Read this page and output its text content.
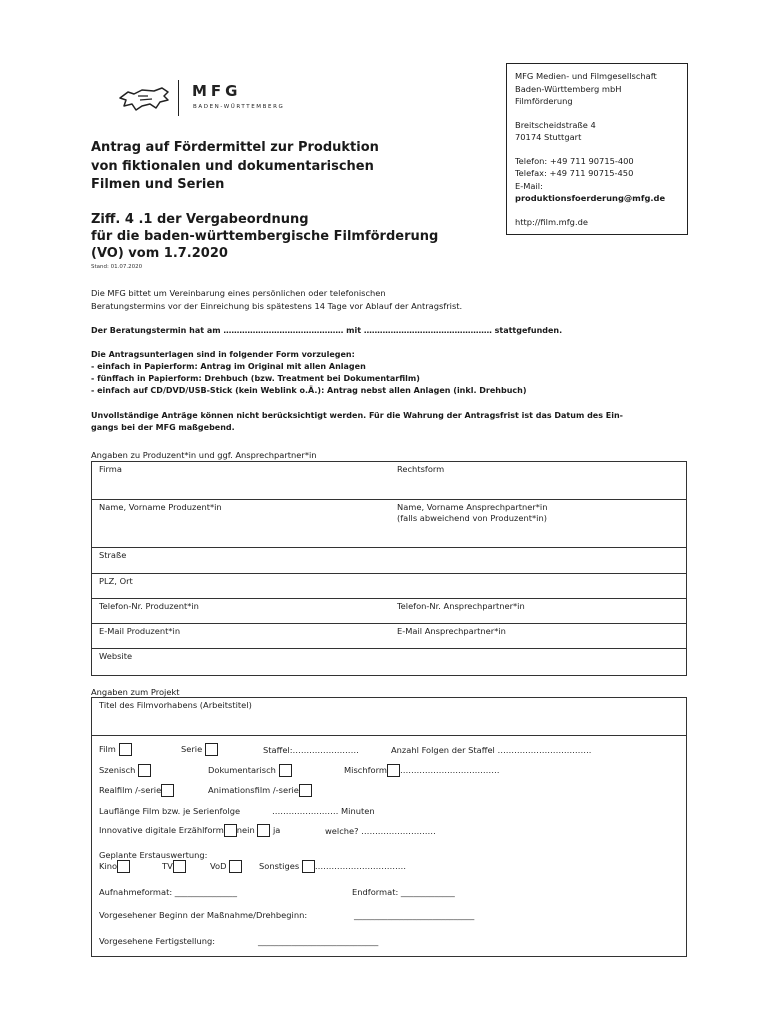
MFG
BADEN-WÜRTTEMBERG
MFG Medien- und Filmgesellschaft
Baden-Württemberg mbH
Filmförderung
Breitscheidstraße 4
70174 Stuttgart
Telefon: +49 711 90715-400
Telefax: +49 711 90715-450
E-Mail:
produktionsfoerderung@mfg.de
http://film.mfg.de
Antrag auf Fördermittel zur Produktion
von fiktionalen und dokumentarischen
Filmen und Serien
Ziff. 4 .1 der Vergabeordnung
für die baden-württembergische Filmförderung
(VO) vom 1.7.2020
Stand: 01.07.2020
Die MFG bittet um Vereinbarung eines persönlichen oder telefonischen
Beratungstermins vor der Einreichung bis spätestens 14 Tage vor Ablauf der Antragsfrist.
Der Beratungstermin hat am ……………………………………… mit ………………………………………… stattgefunden.
Die Antragsunterlagen sind in folgender Form vorzulegen:
- einfach in Papierform: Antrag im Original mit allen Anlagen
- fünffach in Papierform: Drehbuch (bzw. Treatment bei Dokumentarfilm)
- einfach auf CD/DVD/USB-Stick (kein Weblink o.Ä.): Antrag nebst allen Anlagen (inkl. Drehbuch)
Unvollständige Anträge können nicht berücksichtigt werden. Für die Wahrung der Antragsfrist ist das Datum des Ein-
gangs bei der MFG maßgebend.
Angaben zu Produzent*in und ggf. Ansprechpartner*in
Firma	Rechtsform
Name, Vorname Produzent*in	Name, Vorname Ansprechpartner*in
(falls abweichend von Produzent*in)
Straße
PLZ, Ort
Telefon-Nr. Produzent*in	Telefon-Nr. Ansprechpartner*in
E-Mail Produzent*in	E-Mail Ansprechpartner*in
Website
Angaben zum Projekt
Titel des Filmvorhabens (Arbeitstitel)
Film	Serie	Staffel:……………………	Anzahl Folgen der Staffel …………………………….
Szenisch	Dokumentarisch	Mischform ………………………………
Realfilm /-serie	Animationsfilm /-serie
Lauflänge Film bzw. je Serienfolge	…………………… Minuten
Innovative digitale Erzählform nein ja	welche? ………………………
Geplante Erstauswertung:
Kino	TV	VoD	Sonstiges ……………………………
Aufnahmeformat: _______________	Endformat: _____________
Vorgesehener Beginn der Maßnahme/Drehbeginn:	_____________________________
Vorgesehene Fertigstellung:	_____________________________
